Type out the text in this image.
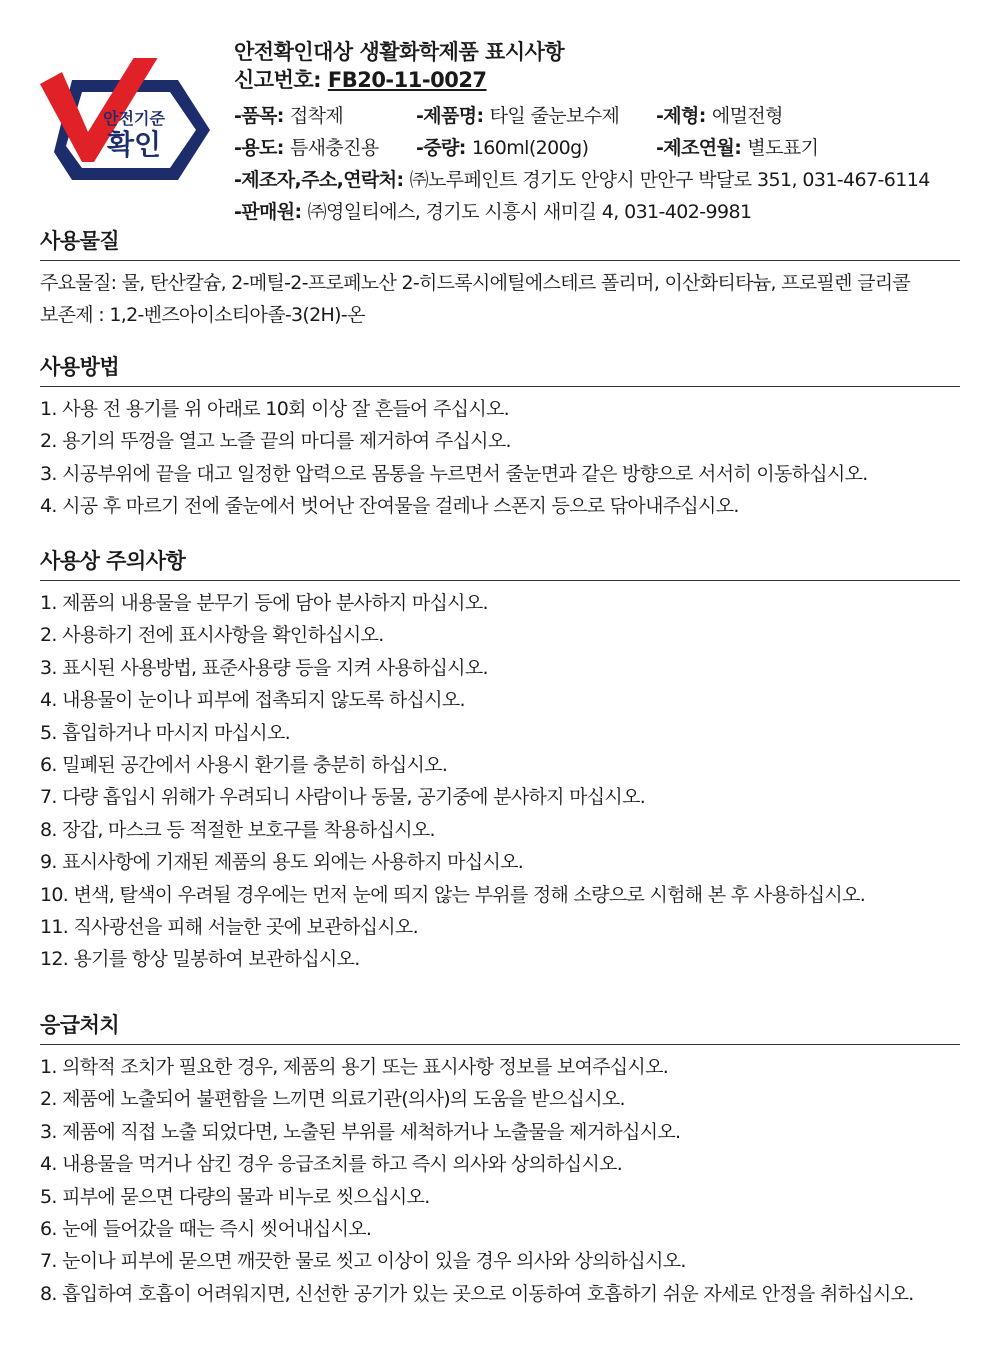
안전기준
확인
안전확인대상 생활화학제품 표시사항
신고번호: FB20-11-0027
-품목: 접착제	-제품명: 타일 줄눈보수제 -제형: 에멀전형
-용도: 틈새충진용 -중량: 160ml(200g)	-제조연월: 별도표기
-제조자,주소,연락처: ㈜노루페인트 경기도 안양시 만안구 박달로 351, 031-467-6114
-판매원: ㈜영일티에스, 경기도 시흥시 새미길 4, 031-402-9981
사용물질
주요물질: 물, 탄산칼슘, 2-메틸-2-프로페노산 2-히드록시에틸에스테르 폴리머, 이산화티타늄, 프로필렌 글리콜
보존제 : 1,2-벤즈아이소티아졸-3(2H)-온
사용방법
1. 사용 전 용기를 위 아래로 10회 이상 잘 흔들어 주십시오.
2. 용기의 뚜껑을 열고 노즐 끝의 마디를 제거하여 주십시오.
3. 시공부위에 끝을 대고 일정한 압력으로 몸통을 누르면서 줄눈면과 같은 방향으로 서서히 이동하십시오.
4. 시공 후 마르기 전에 줄눈에서 벗어난 잔여물을 걸레나 스폰지 등으로 닦아내주십시오.
사용상 주의사항
1. 제품의 내용물을 분무기 등에 담아 분사하지 마십시오.
2. 사용하기 전에 표시사항을 확인하십시오.
3. 표시된 사용방법, 표준사용량 등을 지켜 사용하십시오.
4. 내용물이 눈이나 피부에 접촉되지 않도록 하십시오.
5. 흡입하거나 마시지 마십시오.
6. 밀폐된 공간에서 사용시 환기를 충분히 하십시오.
7. 다량 흡입시 위해가 우려되니 사람이나 동물, 공기중에 분사하지 마십시오.
8. 장갑, 마스크 등 적절한 보호구를 착용하십시오.
9. 표시사항에 기재된 제품의 용도 외에는 사용하지 마십시오.
10. 변색, 탈색이 우려될 경우에는 먼저 눈에 띄지 않는 부위를 정해 소량으로 시험해 본 후 사용하십시오.
11. 직사광선을 피해 서늘한 곳에 보관하십시오.
12. 용기를 항상 밀봉하여 보관하십시오.
응급처치
1. 의학적 조치가 필요한 경우, 제품의 용기 또는 표시사항 정보를 보여주십시오.
2. 제품에 노출되어 불편함을 느끼면 의료기관(의사)의 도움을 받으십시오.
3. 제품에 직접 노출 되었다면, 노출된 부위를 세척하거나 노출물을 제거하십시오.
4. 내용물을 먹거나 삼킨 경우 응급조치를 하고 즉시 의사와 상의하십시오.
5. 피부에 묻으면 다량의 물과 비누로 씻으십시오.
6. 눈에 들어갔을 때는 즉시 씻어내십시오.
7. 눈이나 피부에 묻으면 깨끗한 물로 씻고 이상이 있을 경우 의사와 상의하십시오.
8. 흡입하여 호흡이 어려워지면, 신선한 공기가 있는 곳으로 이동하여 호흡하기 쉬운 자세로 안정을 취하십시오.
